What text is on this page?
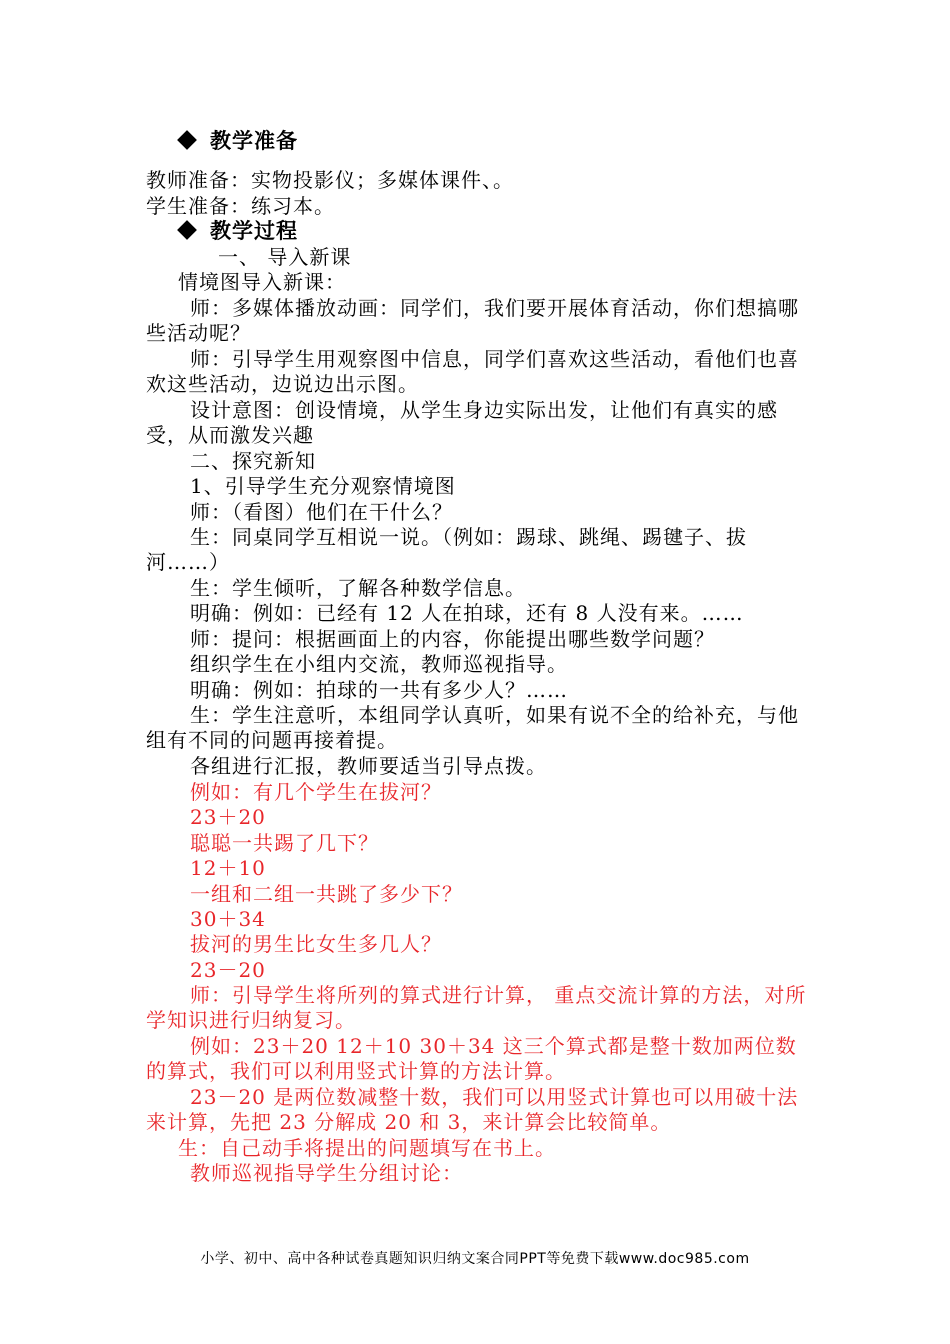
教学准备
教师准备：实物投影仪；多媒体课件、。
学生准备：练习本。
教学过程
一、 导入新课
情境图导入新课：
师：多媒体播放动画：同学们，我们要开展体育活动，你们想搞哪些活动呢？
师：引导学生用观察图中信息，同学们喜欢这些活动，看他们也喜欢这些活动，边说边出示图。
设计意图：创设情境，从学生身边实际出发，让他们有真实的感受，从而激发兴趣
二、探究新知
1、引导学生充分观察情境图
师：（看图）他们在干什么？
生：同桌同学互相说一说。（例如：踢球、跳绳、踢毽子、拔河……）
生：学生倾听，了解各种数学信息。
明确：例如：已经有 12 人在拍球，还有 8 人没有来。……
师：提问：根据画面上的内容，你能提出哪些数学问题？
组织学生在小组内交流，教师巡视指导。
明确：例如：拍球的一共有多少人？……
生：学生注意听，本组同学认真听，如果有说不全的给补充，与他组有不同的问题再接着提。
各组进行汇报，教师要适当引导点拨。
例如：有几个学生在拔河？
23＋20
聪聪一共踢了几下？
12＋10
一组和二组一共跳了多少下？
30＋34
拔河的男生比女生多几人？
23－20
师：引导学生将所列的算式进行计算， 重点交流计算的方法，对所学知识进行归纳复习。
例如：23＋20 12＋10 30＋34 这三个算式都是整十数加两位数的算式，我们可以利用竖式计算的方法计算。
23－20 是两位数减整十数，我们可以用竖式计算也可以用破十法来计算，先把 23 分解成 20 和 3，来计算会比较简单。
生：自己动手将提出的问题填写在书上。
教师巡视指导学生分组讨论：
小学、初中、高中各种试卷真题知识归纳文案合同PPT等免费下载www.doc985.com
